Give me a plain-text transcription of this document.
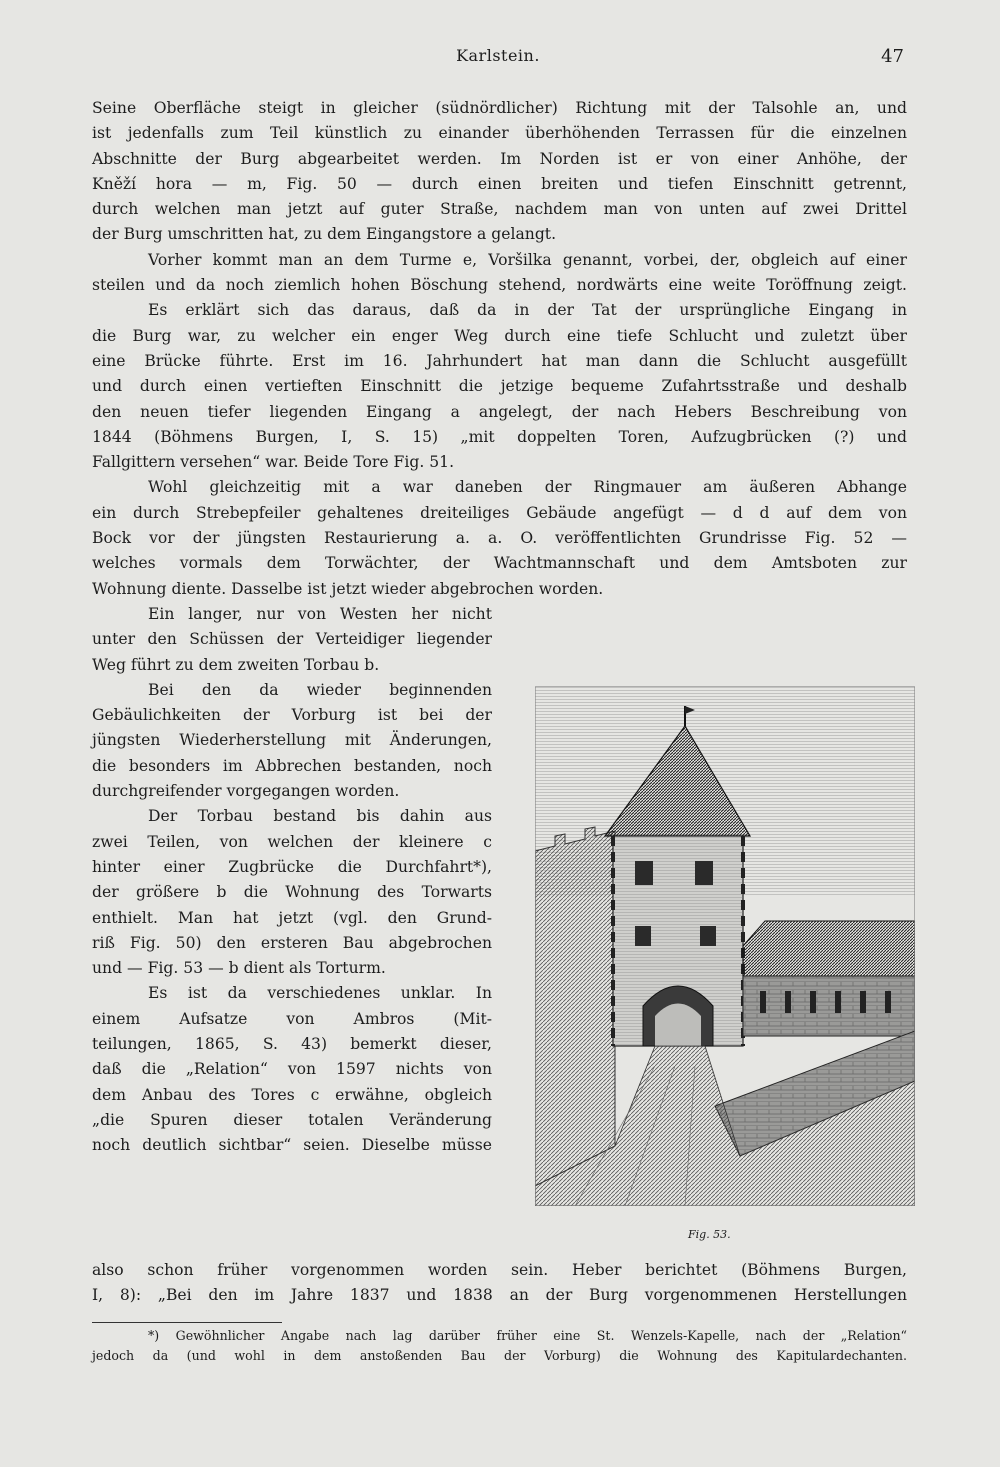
Karlstein.	47
Seine Oberfläche steigt in gleicher (südnördlicher) Richtung mit der Talsohle an, und
ist jedenfalls zum Teil künstlich zu einander überhöhenden Terrassen für die einzelnen
Abschnitte der Burg abgearbeitet werden. Im Norden ist er von einer Anhöhe, der
Kněží hora — m, Fig. 50 — durch einen breiten und tiefen Einschnitt getrennt,
durch welchen man jetzt auf guter Straße, nachdem man von unten auf zwei Drittel
der Burg umschritten hat, zu dem Eingangstore a gelangt.
Vorher kommt man an dem Turme e, Voršilka genannt, vorbei, der, obgleich auf einer
steilen und da noch ziemlich hohen Böschung stehend, nordwärts eine weite Toröffnung zeigt.
Es erklärt sich das daraus, daß da in der Tat der ursprüngliche Eingang in
die Burg war, zu welcher ein enger Weg durch eine tiefe Schlucht und zuletzt über
eine Brücke führte. Erst im 16. Jahrhundert hat man dann die Schlucht ausgefüllt
und durch einen vertieften Einschnitt die jetzige bequeme Zufahrtsstraße und deshalb
den neuen tiefer liegenden Eingang a angelegt, der nach Hebers Beschreibung von
1844 (Böhmens Burgen, I, S. 15) „mit doppelten Toren, Aufzugbrücken (?) und
Fallgittern versehen“ war. Beide Tore Fig. 51.
Wohl gleichzeitig mit a war daneben der Ringmauer am äußeren Abhange
ein durch Strebepfeiler gehaltenes dreiteiliges Gebäude angefügt — d d auf dem von
Bock vor der jüngsten Restaurierung a. a. O. veröffentlichten Grundrisse Fig. 52 —
welches vormals dem Torwächter, der Wachtmannschaft und dem Amtsboten zur
Wohnung diente. Dasselbe ist jetzt wieder abgebrochen worden.
Ein langer, nur von Westen her nicht
unter den Schüssen der Verteidiger liegender
Weg führt zu dem zweiten Torbau b.
Bei den da wieder beginnenden
Gebäulichkeiten der Vorburg ist bei der
jüngsten Wiederherstellung mit Änderungen,
die besonders im Abbrechen bestanden, noch
durchgreifender vorgegangen worden.
Der Torbau bestand bis dahin aus
zwei Teilen, von welchen der kleinere c
hinter einer Zugbrücke die Durchfahrt*),
der größere b die Wohnung des Torwarts
enthielt. Man hat jetzt (vgl. den Grund-
riß Fig. 50) den ersteren Bau abgebrochen
und — Fig. 53 — b dient als Torturm.
Es ist da verschiedenes unklar. In
einem Aufsatze von Ambros (Mit-
teilungen, 1865, S. 43) bemerkt dieser,
daß die „Relation“ von 1597 nichts von
dem Anbau des Tores c erwähne, obgleich
„die Spuren dieser totalen Veränderung
noch deutlich sichtbar“ seien. Dieselbe müsse
Fig. 53.
also schon früher vorgenommen worden sein. Heber berichtet (Böhmens Burgen,
I, 8): „Bei den im Jahre 1837 und 1838 an der Burg vorgenommenen Herstellungen
*) Gewöhnlicher Angabe nach lag darüber früher eine St. Wenzels-Kapelle, nach der „Relation“
jedoch da (und wohl in dem anstoßenden Bau der Vorburg) die Wohnung des Kapitulardechanten.
